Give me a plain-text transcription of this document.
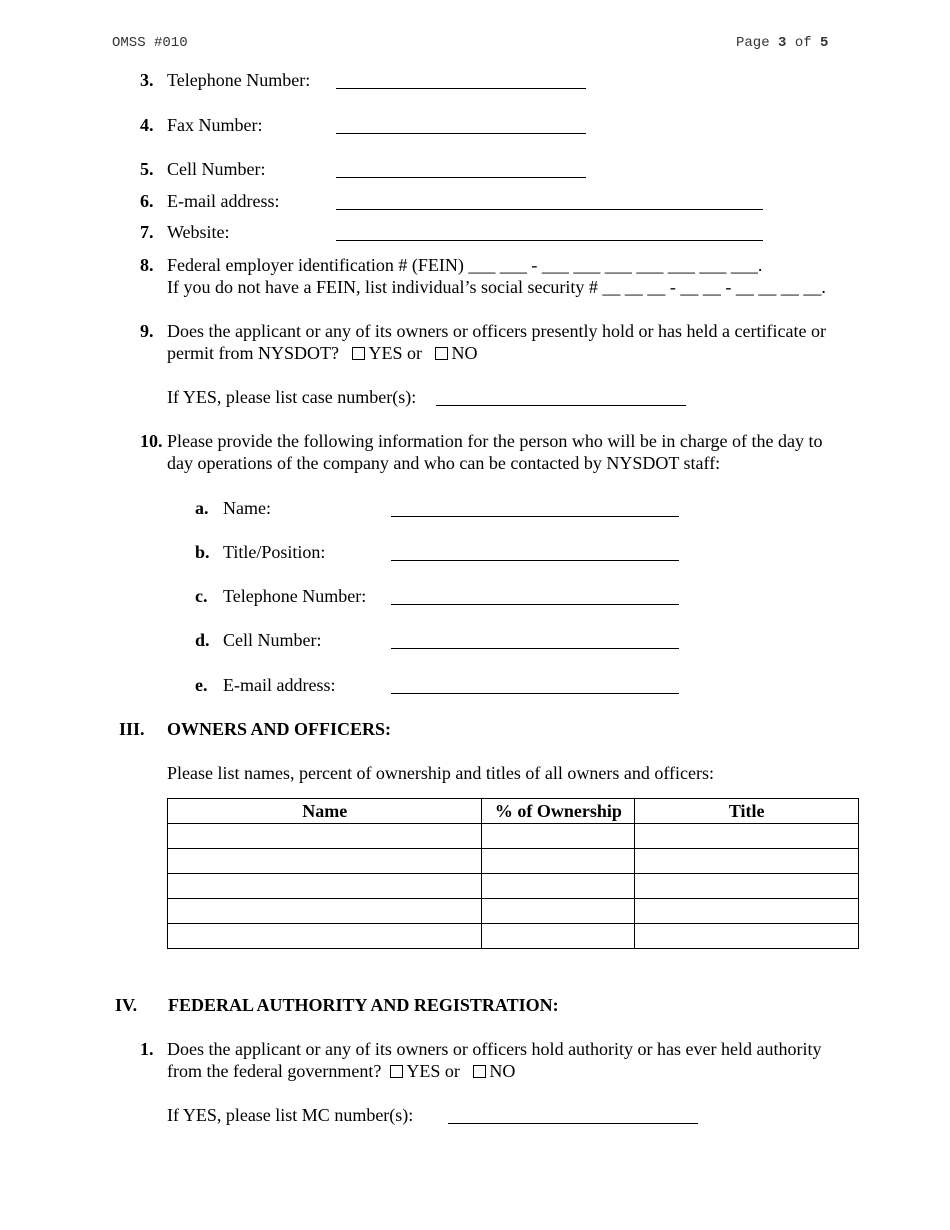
OMSS #010	Page 3 of 5
3. Telephone Number:
4. Fax Number:
5. Cell Number:
6. E-mail address:
7. Website:
8. Federal employer identification # (FEIN) ___ ___ - ___ ___ ___ ___ ___ ___ ___.
If you do not have a FEIN, list individual’s social security # __ __ __ - __ __ - __ __ __ __.
9. Does the applicant or any of its owners or officers presently hold or has held a certificate or
permit from NYSDOT? YES or NO
If YES, please list case number(s):
10. Please provide the following information for the person who will be in charge of the day to
day operations of the company and who can be contacted by NYSDOT staff:
a. Name:
b. Title/Position:
c. Telephone Number:
d. Cell Number:
e. E-mail address:
III. OWNERS AND OFFICERS:
Please list names, percent of ownership and titles of all owners and officers:
Name	% of Ownership	Title

IV. FEDERAL AUTHORITY AND REGISTRATION:
1. Does the applicant or any of its owners or officers hold authority or has ever held authority
from the federal government? YES or NO
If YES, please list MC number(s):
